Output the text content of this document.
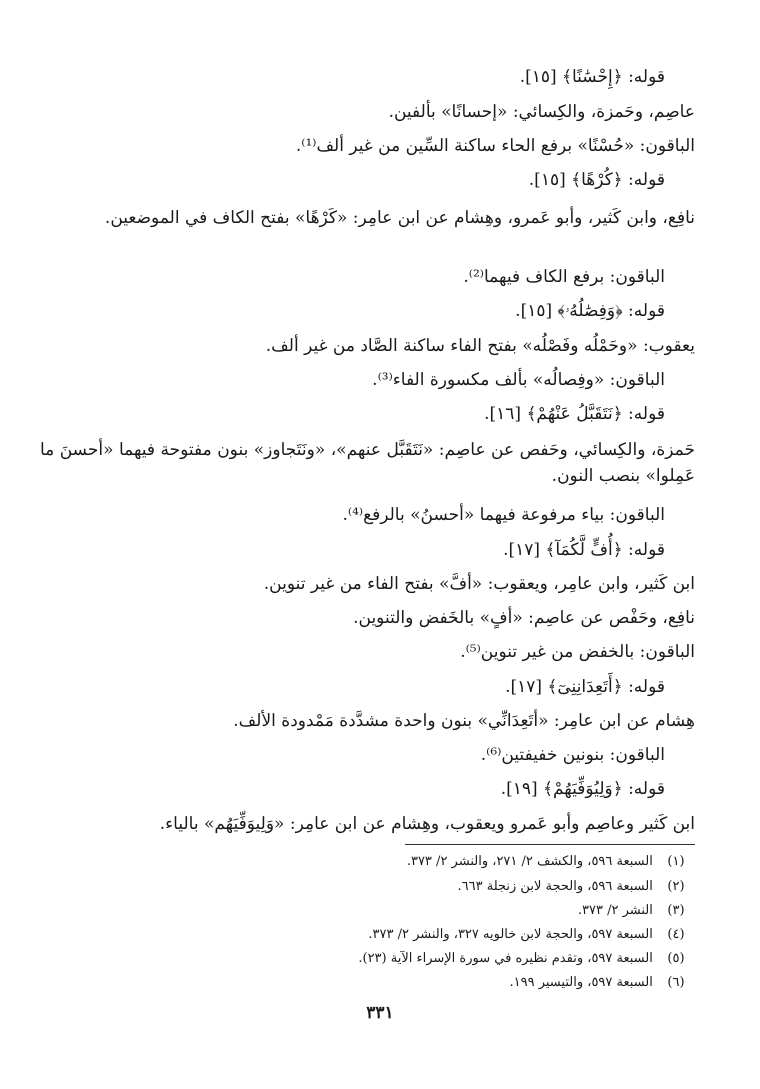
قوله: ﴿إِحْسَٰنًا﴾ [١٥].
عاصِم، وحَمزة، والكِسائي: «إحسانًا» بألفين.
الباقون: «حُسْنًا» برفع الحاء ساكنة السِّين من غير ألف⁽¹⁾.
قوله: ﴿كُرْهًا﴾ [١٥].
نافِع، وابن كَثير، وأبو عَمرو، وهِشام عن ابن عامِر: «كَرْهًا» بفتح الكاف في الموضعين.
الباقون: برفع الكاف فيهما⁽²⁾.
قوله: ﴿وَفِصَٰلُهُۥ﴾ [١٥].
يعقوب: «وحَمْلُه وفَصْلُه» بفتح الفاء ساكنة الصَّاد من غير ألف.
الباقون: «وفِصالُه» بألف مكسورة الفاء⁽³⁾.
قوله: ﴿نَتَقَبَّلُ عَنْهُمْ﴾ [١٦].
حَمزة، والكِسائي، وحَفص عن عاصِم: «نَتَقَبَّل عنهم»، «ونَتَجاوز» بنون مفتوحة فيهما «أحسنَ ما عَمِلوا» بنصب النون.
الباقون: بياء مرفوعة فيهما «أحسنُ» بالرفع⁽⁴⁾.
قوله: ﴿أُفٍّ لَّكُمَآ﴾ [١٧].
ابن كَثير، وابن عامِر، ويعقوب: «أفَّ» بفتح الفاء من غير تنوين.
نافِع، وحَفْص عن عاصِم: «أفٍ» بالخَفض والتنوين.
الباقون: بالخفض من غير تنوين⁽⁵⁾.
قوله: ﴿أَتَعِدَانِنِىٓ﴾ [١٧].
هِشام عن ابن عامِر: «أتَعِدَانِّي» بنون واحدة مشدَّدة مَمْدودة الألف.
الباقون: بنونين خفيفتين⁽⁶⁾.
قوله: ﴿وَلِيُوَفِّيَهُمْ﴾ [١٩].
ابن كَثير وعاصِم وأبو عَمرو ويعقوب، وهِشام عن ابن عامِر: «وَلِيوَفِّيَهُم» بالياء.
(١) السبعة ٥٩٦، والكشف ٢/ ٢٧١، والنشر ٢/ ٣٧٣.
(٢) السبعة ٥٩٦، والحجة لابن زنجلة ٦٦٣.
(٣) النشر ٢/ ٣٧٣.
(٤) السبعة ٥٩٧، والحجة لابن خالويه ٣٢٧، والنشر ٢/ ٣٧٣.
(٥) السبعة ٥٩٧، وتقدم نظيره في سورة الإسراء الآية (٢٣).
(٦) السبعة ٥٩٧، والتيسير ١٩٩.
٣٣١
